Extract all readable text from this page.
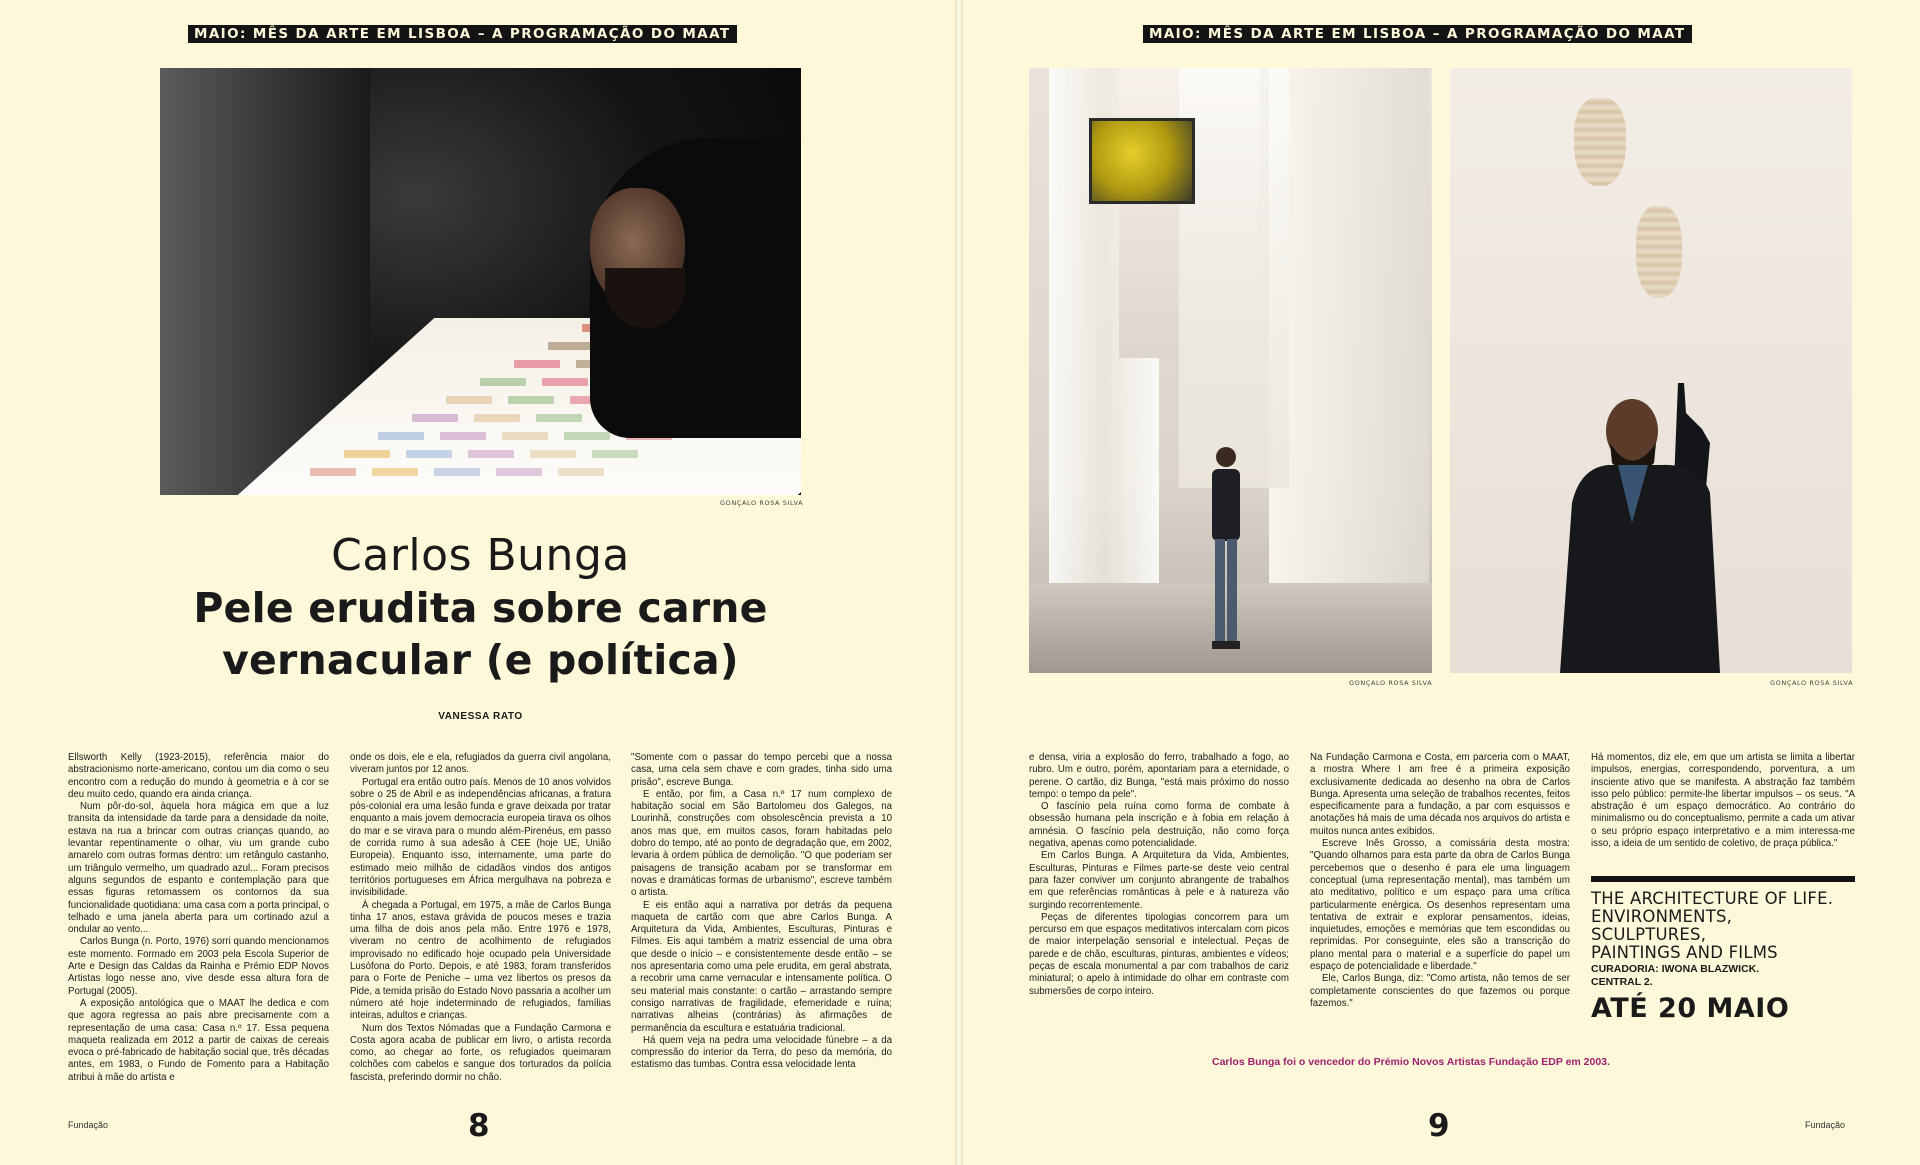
MAIO: MÊS DA ARTE EM LISBOA – A PROGRAMAÇÃO DO MAAT
GONÇALO ROSA SILVA
Carlos Bunga
Pele erudita sobre carne
vernacular (e política)
VANESSA RATO

Ellsworth Kelly (1923-2015), referência maior do abstracionismo norte-americano, contou um dia como o seu encontro com a redução do mundo à geometria e à cor se deu muito cedo, quando era ainda criança.

Num pôr-do-sol, àquela hora mágica em que a luz transita da intensidade da tarde para a densidade da noite, estava na rua a brincar com outras crianças quando, ao levantar repentinamente o olhar, viu um grande cubo amarelo com outras formas dentro: um retângulo castanho, um triângulo vermelho, um quadrado azul... Foram precisos alguns segundos de espanto e contemplação para que essas figuras retomassem os contornos da sua funcionalidade quotidiana: uma casa com a porta principal, o telhado e uma janela aberta para um cortinado azul a ondular ao vento...

Carlos Bunga (n. Porto, 1976) sorri quando mencionamos este momento. Formado em 2003 pela Escola Superior de Arte e Design das Caldas da Rainha e Prémio EDP Novos Artistas logo nesse ano, vive desde essa altura fora de Portugal (2005).

A exposição antológica que o MAAT lhe dedica e com que agora regressa ao país abre precisamente com a representação de uma casa: Casa n.º 17. Essa pequena maqueta realizada em 2012 a partir de caixas de cereais evoca o pré-fabricado de habitação social que, três décadas antes, em 1983, o Fundo de Fomento para a Habitação atribui à mãe do artista e

onde os dois, ele e ela, refugiados da guerra civil angolana, viveram juntos por 12 anos.

Portugal era então outro país. Menos de 10 anos volvidos sobre o 25 de Abril e as independências africanas, a fratura pós-colonial era uma lesão funda e grave deixada por tratar enquanto a mais jovem democracia europeia tirava os olhos do mar e se virava para o mundo além-Pirenéus, em passo de corrida rumo à sua adesão à CEE (hoje UE, União Europeia). Enquanto isso, internamente, uma parte do estimado meio milhão de cidadãos vindos dos antigos territórios portugueses em África mergulhava na pobreza e invisibilidade.

À chegada a Portugal, em 1975, a mãe de Carlos Bunga tinha 17 anos, estava grávida de poucos meses e trazia uma filha de dois anos pela mão. Entre 1976 e 1978, viveram no centro de acolhimento de refugiados improvisado no edificado hoje ocupado pela Universidade Lusófona do Porto. Depois, e até 1983, foram transferidos para o Forte de Peniche – uma vez libertos os presos da Pide, a temida prisão do Estado Novo passaria a acolher um número até hoje indeterminado de refugiados, famílias inteiras, adultos e crianças.

Num dos Textos Nómadas que a Fundação Carmona e Costa agora acaba de publicar em livro, o artista recorda como, ao chegar ao forte, os refugiados queimaram colchões com cabelos e sangue dos torturados da polícia fascista, preferindo dormir no chão.

"Somente com o passar do tempo percebi que a nossa casa, uma cela sem chave e com grades, tinha sido uma prisão", escreve Bunga.

E então, por fim, a Casa n.º 17 num complexo de habitação social em São Bartolomeu dos Galegos, na Lourinhã, construções com obsolescência prevista a 10 anos mas que, em muitos casos, foram habitadas pelo dobro do tempo, até ao ponto de degradação que, em 2002, levaria à ordem pública de demolição. "O que poderiam ser paisagens de transição acabam por se transformar em novas e dramáticas formas de urbanismo", escreve também o artista.

E eis então aqui a narrativa por detrás da pequena maqueta de cartão com que abre Carlos Bunga. A Arquitetura da Vida, Ambientes, Esculturas, Pinturas e Filmes. Eis aqui também a matriz essencial de uma obra que desde o início – e consistentemente desde então – se nos apresentaria como uma pele erudita, em geral abstrata, a recobrir uma carne vernacular e intensamente política. O seu material mais constante: o cartão – arrastando sempre consigo narrativas de fragilidade, efemeridade e ruína; narrativas alheias (contrárias) às afirmações de permanência da escultura e estatuária tradicional.

Há quem veja na pedra uma velocidade fúnebre – a da compressão do interior da Terra, do peso da memória, do estatismo das tumbas. Contra essa velocidade lenta

Fundação	8
MAIO: MÊS DA ARTE EM LISBOA – A PROGRAMAÇÃO DO MAAT
GONÇALO ROSA SILVA	GONÇALO ROSA SILVA

e densa, viria a explosão do ferro, trabalhado a fogo, ao rubro. Um e outro, porém, apontariam para a eternidade, o perene. O cartão, diz Bunga, "está mais próximo do nosso tempo: o tempo da pele".

O fascínio pela ruína como forma de combate à obsessão humana pela inscrição e à fobia em relação à amnésia. O fascínio pela destruição, não como força negativa, apenas como potencialidade.

Em Carlos Bunga. A Arquitetura da Vida, Ambientes, Esculturas, Pinturas e Filmes parte-se deste veio central para fazer conviver um conjunto abrangente de trabalhos em que referências românticas à pele e à natureza vão surgindo recorrentemente.

Peças de diferentes tipologias concorrem para um percurso em que espaços meditativos intercalam com picos de maior interpelação sensorial e intelectual. Peças de parede e de chão, esculturas, pinturas, ambientes e vídeos; peças de escala monumental a par com trabalhos de cariz miniatural; o apelo à intimidade do olhar em contraste com submersões de corpo inteiro.

Na Fundação Carmona e Costa, em parceria com o MAAT, a mostra Where I am free é a primeira exposição exclusivamente dedicada ao desenho na obra de Carlos Bunga. Apresenta uma seleção de trabalhos recentes, feitos especificamente para a fundação, a par com esquissos e anotações há mais de uma década nos arquivos do artista e muitos nunca antes exibidos.

Escreve Inês Grosso, a comissária desta mostra: "Quando olhamos para esta parte da obra de Carlos Bunga percebemos que o desenho é para ele uma linguagem conceptual (uma representação mental), mas também um ato meditativo, político e um espaço para uma crítica particularmente enérgica. Os desenhos representam uma tentativa de extrair e explorar pensamentos, ideias, inquietudes, emoções e memórias que tem escondidas ou reprimidas. Por conseguinte, eles são a transcrição do plano mental para o material e a superfície do papel um espaço de potencialidade e liberdade."

Ele, Carlos Bunga, diz: "Como artista, não temos de ser completamente conscientes do que fazemos ou porque fazemos."

Há momentos, diz ele, em que um artista se limita a libertar impulsos, energias, correspondendo, porventura, a um insciente ativo que se manifesta. A abstração faz também isso pelo público: permite-lhe libertar impulsos – os seus. "A abstração é um espaço democrático. Ao contrário do minimalismo ou do conceptualismo, permite a cada um ativar o seu próprio espaço interpretativo e a mim interessa-me isso, a ideia de um sentido de coletivo, de praça pública."

THE ARCHITECTURE OF LIFE.
ENVIRONMENTS,
SCULPTURES,
PAINTINGS AND FILMS
CURADORIA: IWONA BLAZWICK.
CENTRAL 2.
ATÉ 20 MAIO
Carlos Bunga foi o vencedor do Prémio Novos Artistas Fundação EDP em 2003.
9	Fundação
